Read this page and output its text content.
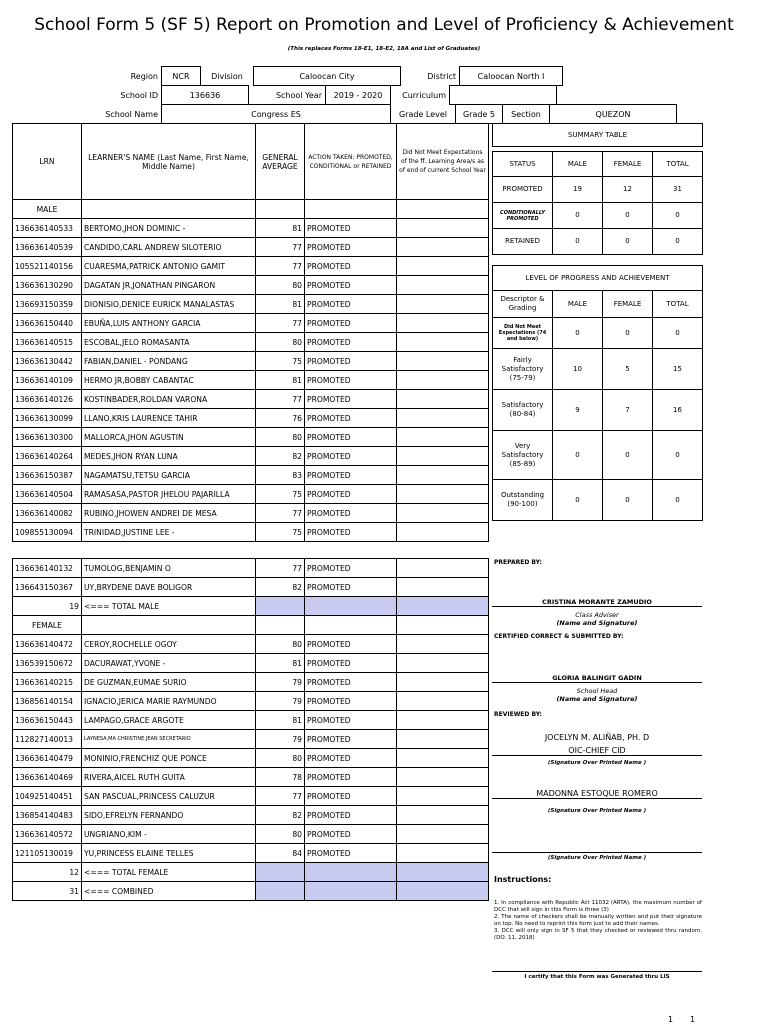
School Form 5 (SF 5) Report on Promotion and Level of Proficiency & Achievement
(This replaces Forms 18-E1, 18-E2, 18A and List of Graduates)
Region	NCR	Division	Caloocan City	District	Caloocan North I
School ID	136636	School Year	2019 - 2020	Curriculum	
School Name	Congress ES	Grade Level	Grade 5	Section	QUEZON
LRN	LEARNER'S NAME (Last Name, First Name, Middle Name)	GENERAL AVERAGE	ACTION TAKEN: PROMOTED, CONDITIONAL or RETAINED	Did Not Meet Expectations of the ff. Learning Area/s as of end of current School Year
MALE				
136636140533	BERTOMO,JHON DOMINIC -	81	PROMOTED	
136636140539	CANDIDO,CARL ANDREW SILOTERIO	77	PROMOTED	
105521140156	CUARESMA,PATRICK ANTONIO GAMIT	77	PROMOTED	
136636130290	DAGATAN JR,JONATHAN PINGARON	80	PROMOTED	
136693150359	DIONISIO,DENICE EURICK MANALASTAS	81	PROMOTED	
136636150440	EBUÑA,LUIS ANTHONY GARCIA	77	PROMOTED	
136636140515	ESCOBAL,JELO ROMASANTA	80	PROMOTED	
136636130442	FABIAN,DANIEL - PONDANG	75	PROMOTED	
136636140109	HERMO JR,BOBBY CABANTAC	81	PROMOTED	
136636140126	KOSTINBADER,ROLDAN VARONA	77	PROMOTED	
136636130099	LLANO,KRIS LAURENCE TAHIR	76	PROMOTED	
136636130300	MALLORCA,JHON AGUSTIN	80	PROMOTED	
136636140264	MEDES,JHON RYAN LUNA	82	PROMOTED	
136636150387	NAGAMATSU,TETSU GARCIA	83	PROMOTED	
136636140504	RAMASASA,PASTOR JHELOU PAJARILLA	75	PROMOTED	
136636140082	RUBINO,JHOWEN ANDREI DE MESA	77	PROMOTED	
109855130094	TRINIDAD,JUSTINE LEE -	75	PROMOTED	
136636140132	TUMOLOG,BENJAMIN O	77	PROMOTED	
136643150367	UY,BRYDENE DAVE BOLIGOR	82	PROMOTED	
19	<=== TOTAL MALE			
FEMALE				
136636140472	CEROY,ROCHELLE OGOY	80	PROMOTED	
136539150672	DACURAWAT,YVONE -	81	PROMOTED	
136636140215	DE GUZMAN,EUMAE SURIO	79	PROMOTED	
136856140154	IGNACIO,JERICA MARIE RAYMUNDO	79	PROMOTED	
136636150443	LAMPAGO,GRACE ARGOTE	81	PROMOTED	
112827140013	LAYNESA,MA CHRISTINE JEAN SECRETARIO	79	PROMOTED	
136636140479	MONINIO,FRENCHIZ QUE PONCE	80	PROMOTED	
136636140469	RIVERA,AICEL RUTH GUITA	78	PROMOTED	
104925140451	SAN PASCUAL,PRINCESS CALUZUR	77	PROMOTED	
136854140483	SIDO,EFRELYN FERNANDO	82	PROMOTED	
136636140572	UNGRIANO,KIM -	80	PROMOTED	
121105130019	YU,PRINCESS ELAINE TELLES	84	PROMOTED	
12	<=== TOTAL FEMALE			
31	<=== COMBINED			
SUMMARY TABLE			

STATUS	MALE	FEMALE	TOTAL
PROMOTED	19	12	31
CONDITIONALLY PROMOTED	0	0	0
RETAINED	0	0	0
LEVEL OF PROGRESS AND ACHIEVEMENT			
Descriptor & Grading	MALE	FEMALE	TOTAL
Did Not Meet Expectations (74 and below)	0	0	0
Fairly Satisfactory (75-79)	10	5	15
Satisfactory (80-84)	9	7	16
Very Satisfactory (85-89)	0	0	0
Outstanding (90-100)	0	0	0
PREPARED BY:
CRISTINA MORANTE ZAMUDIO
Class Adviser
(Name and Signature)
CERTIFIED CORRECT & SUBMITTED BY:
GLORIA BALINGIT GADIN
School Head
(Name and Signature)
REVIEWED BY:
JOCELYN M. ALIÑAB, PH. D
OIC-CHIEF CID
(Signature Over Printed Name )
MADONNA ESTOQUE ROMERO
(Signature Over Printed Name )
(Signature Over Printed Name )
Instructions:
1. In compliance with Republic Act 11032 (ARTA), the maximum number of DCC that will sign in this Form is three (3)
2. The name of checkers shall be manually written and put their signature on top. No need to reprint this form just to add their names.
3. DCC will only sign in SF 5 that they checked or reviewed thru random. (DO. 11, 2018)
I certify that this Form was Generated thru LIS
1 1
